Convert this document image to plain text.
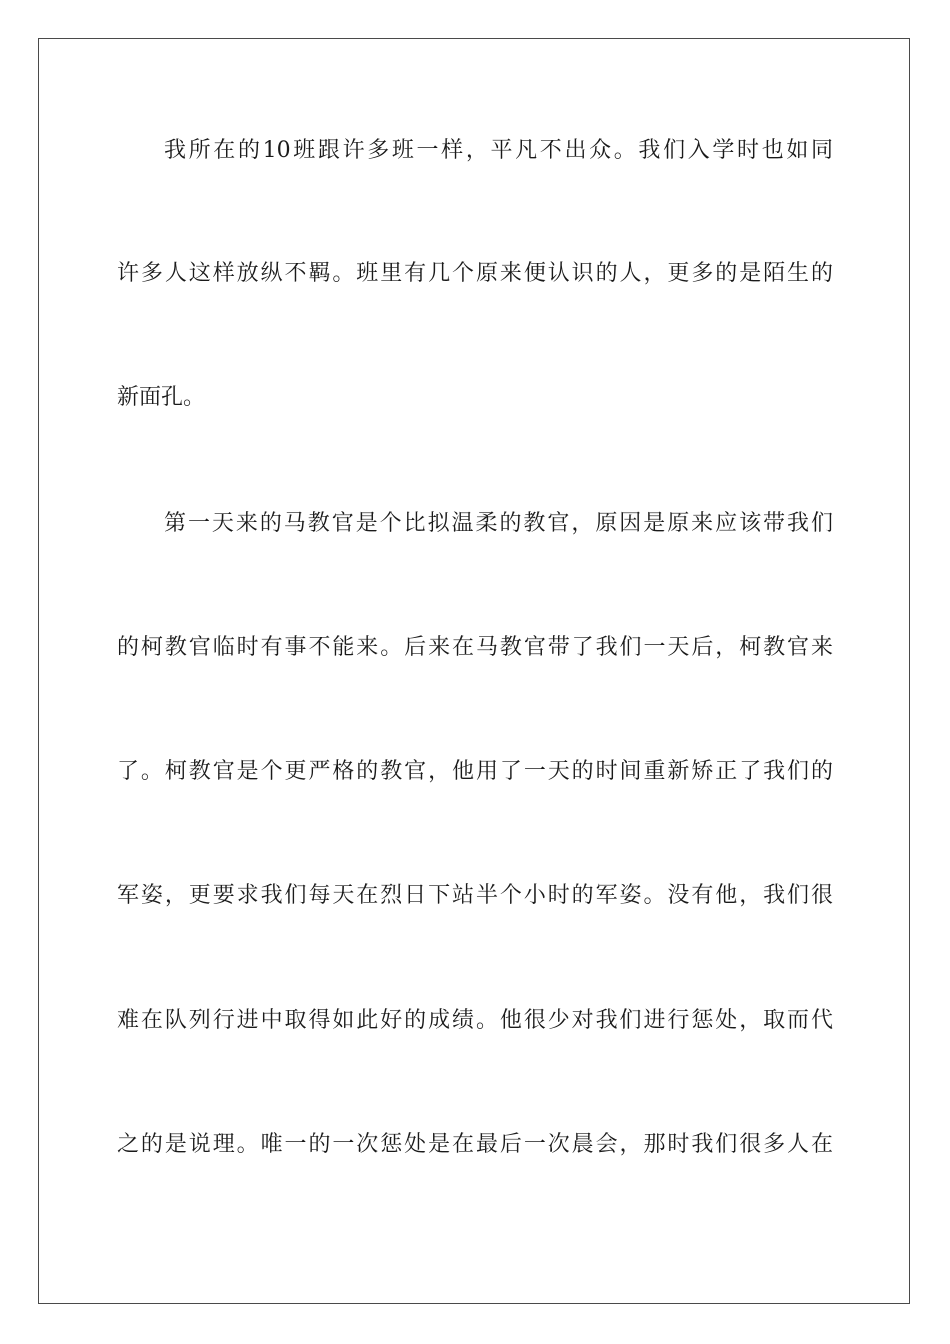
我所在的10班跟许多班一样，平凡不出众。我们入学时也如同
许多人这样放纵不羁。班里有几个原来便认识的人，更多的是陌生的
新面孔。
第一天来的马教官是个比拟温柔的教官，原因是原来应该带我们
的柯教官临时有事不能来。后来在马教官带了我们一天后，柯教官来
了。柯教官是个更严格的教官，他用了一天的时间重新矫正了我们的
军姿，更要求我们每天在烈日下站半个小时的军姿。没有他，我们很
难在队列行进中取得如此好的成绩。他很少对我们进行惩处，取而代
之的是说理。唯一的一次惩处是在最后一次晨会，那时我们很多人在
